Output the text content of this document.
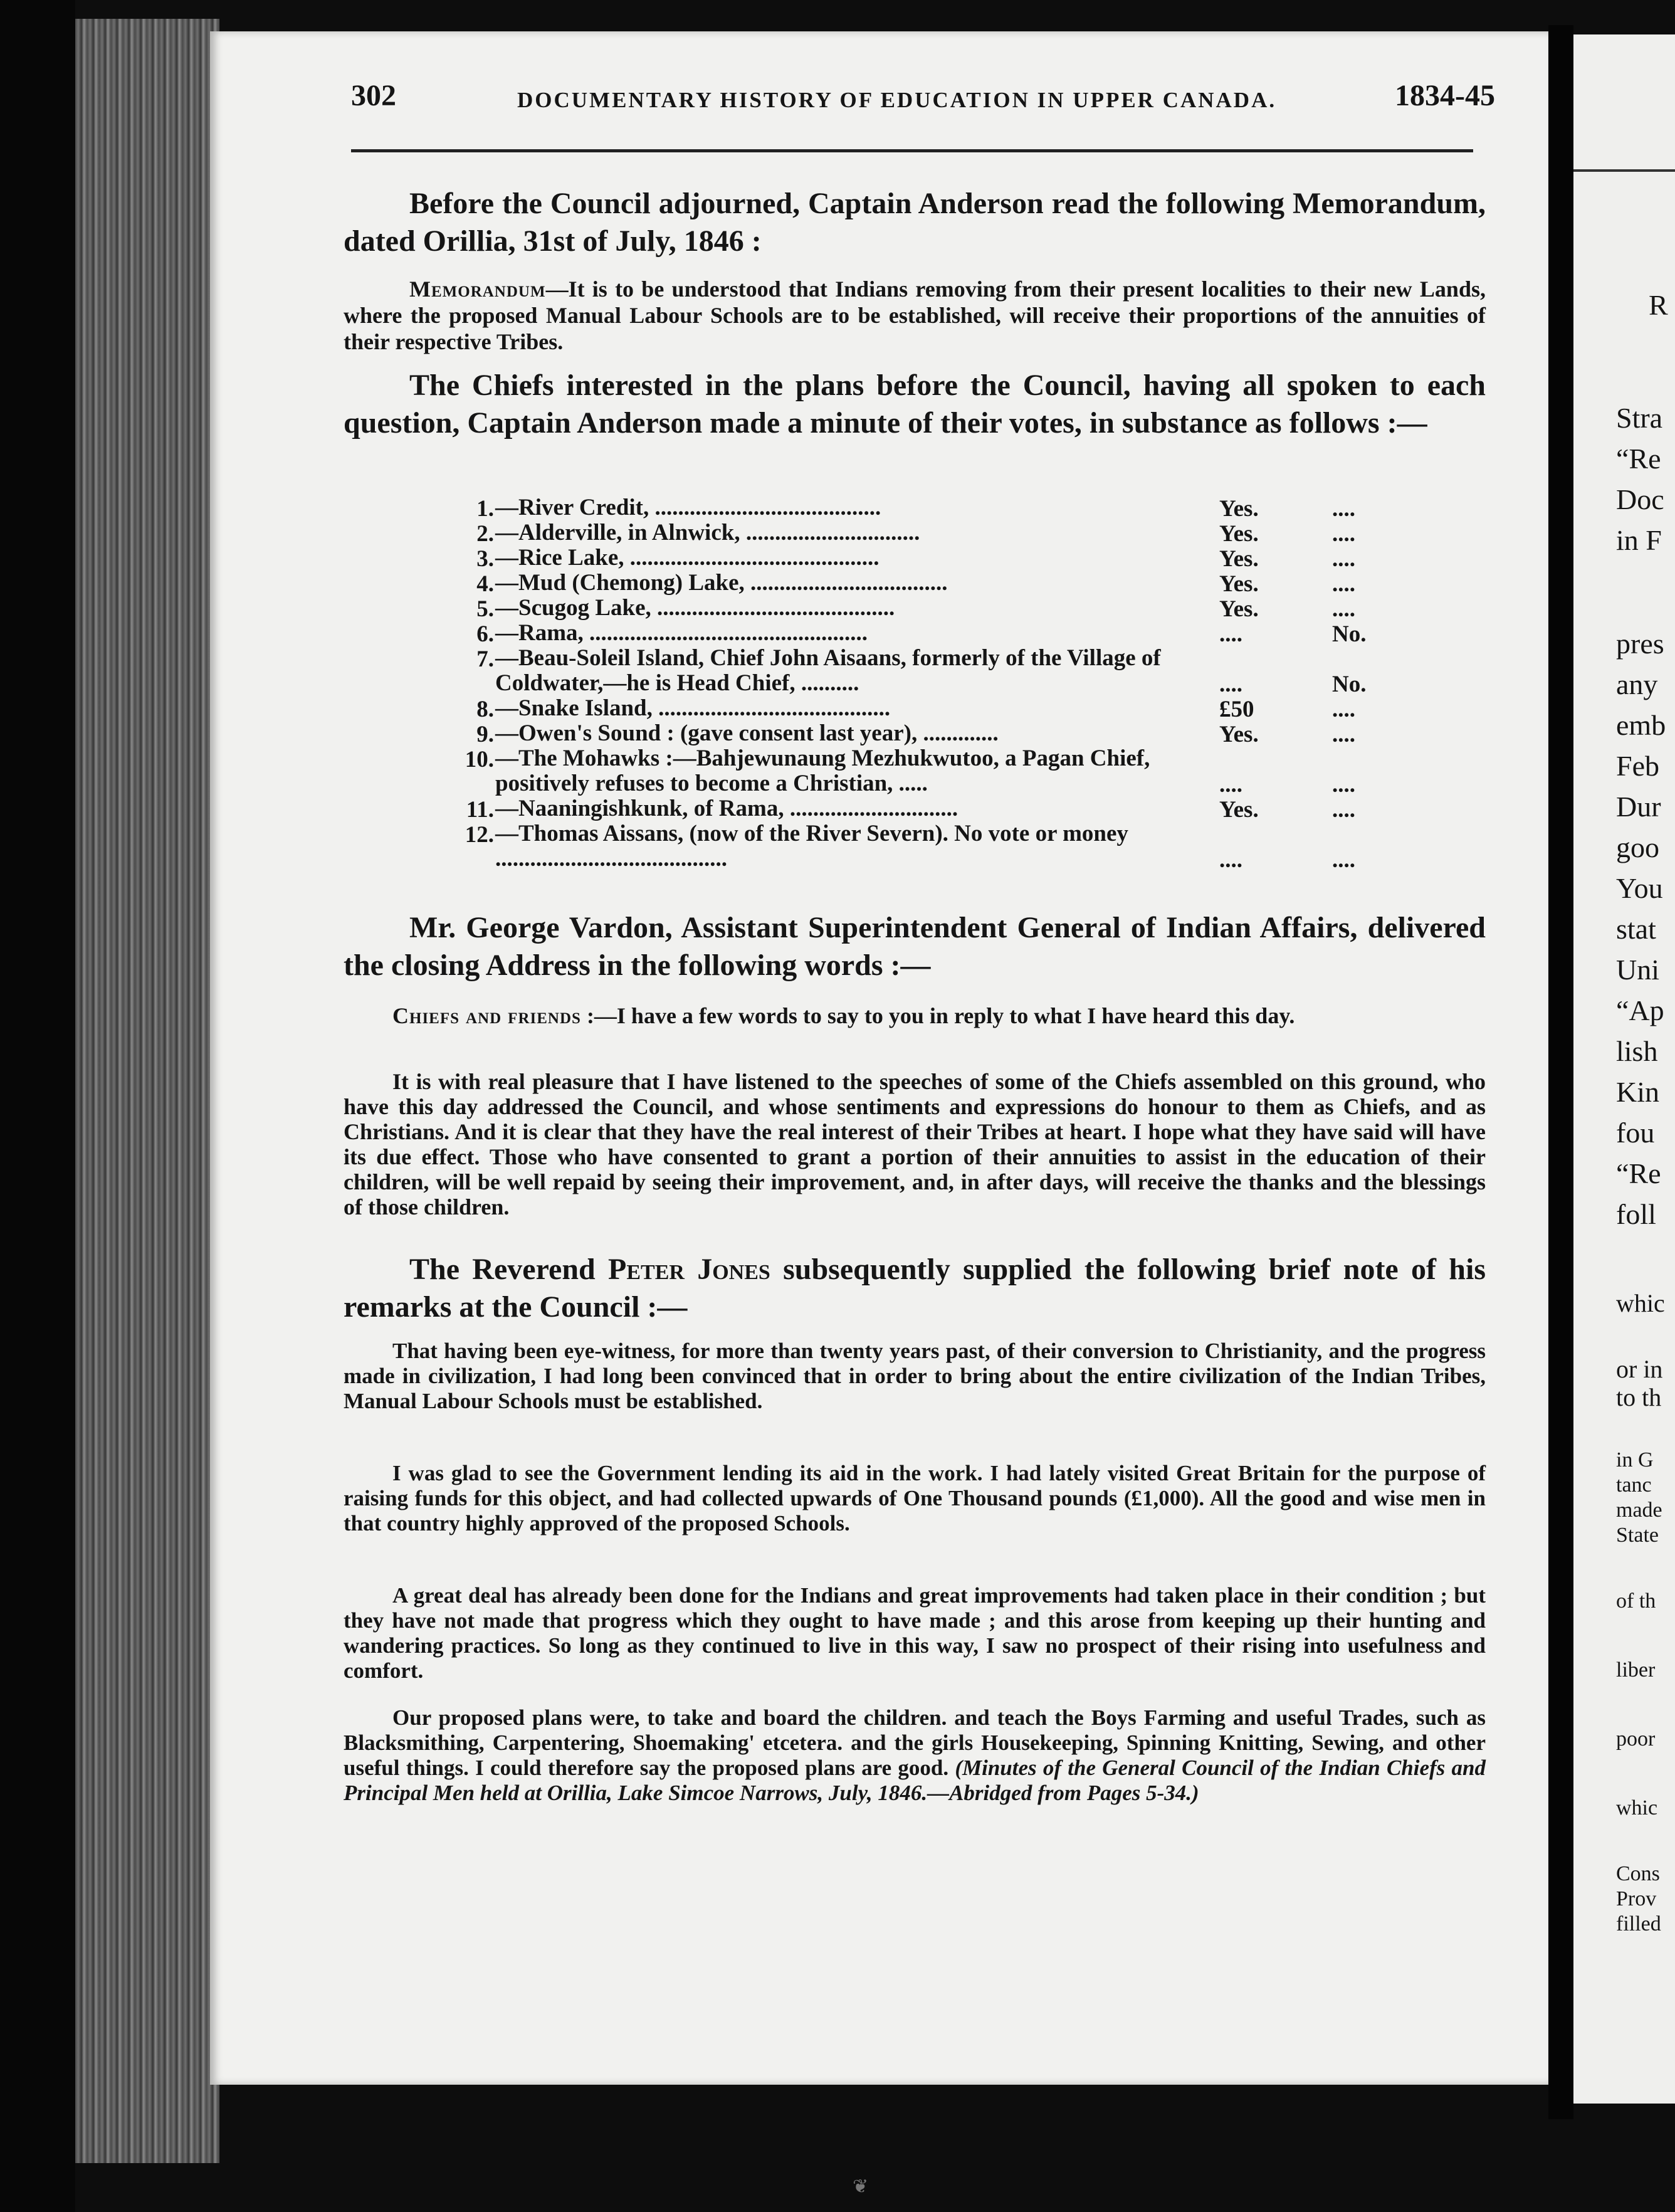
R
Stra
“Re
Doc
in F
pres
any
emb
Feb
Dur
goo
You
stat
Uni
“Ap
lish
Kin
fou
“Re
foll
whic
or in
to th
in G
tanc
made
State
of th
liber
poor
whic
Cons
Prov
filled
302	DOCUMENTARY HISTORY OF EDUCATION IN UPPER CANADA.	1834-45

Before the Council adjourned, Captain Anderson read the following Memorandum, dated Orillia, 31st of July, 1846 :

Memorandum—It is to be understood that Indians removing from their present localities to their new Lands, where the proposed Manual Labour Schools are to be established, will receive their proportions of the annuities of their respective Tribes.

The Chiefs interested in the plans before the Council, having all spoken to each question, Captain Anderson made a minute of their votes, in substance as follows :—

1. —River Credit, .......................................	Yes.	....
2. —Alderville, in Alnwick, ..............................	Yes.	....
3. —Rice Lake, ...........................................	Yes.	....
4. —Mud (Chemong) Lake, ..................................	Yes.	....
5. —Scugog Lake, .........................................	Yes.	....
6. —Rama, ................................................	....	No.
7. —Beau-Soleil Island, Chief John Aisaans, formerly of the Village of Coldwater,—he is Head Chief, ..........	....	No.
8. —Snake Island, ........................................	£50	....
9. —Owen's Sound : (gave consent last year), .............	Yes.	....
10. —The Mohawks :—Bahjewunaung Mezhukwutoo, a Pagan Chief, positively refuses to become a Christian, .....	....	....
11. —Naaningishkunk, of Rama, .............................	Yes.	....
12. —Thomas Aissans, (now of the River Severn). No vote or money ........................................	....	....

Mr. George Vardon, Assistant Superintendent General of Indian Affairs, delivered the closing Address in the following words :—

Chiefs and friends :—I have a few words to say to you in reply to what I have heard this day.

It is with real pleasure that I have listened to the speeches of some of the Chiefs assembled on this ground, who have this day addressed the Council, and whose sentiments and expressions do honour to them as Chiefs, and as Christians. And it is clear that they have the real interest of their Tribes at heart. I hope what they have said will have its due effect. Those who have consented to grant a portion of their annuities to assist in the education of their children, will be well repaid by seeing their improvement, and, in after days, will receive the thanks and the blessings of those children.

The Reverend Peter Jones subsequently supplied the following brief note of his remarks at the Council :—

That having been eye-witness, for more than twenty years past, of their conversion to Christianity, and the progress made in civilization, I had long been convinced that in order to bring about the entire civilization of the Indian Tribes, Manual Labour Schools must be established.

I was glad to see the Government lending its aid in the work. I had lately visited Great Britain for the purpose of raising funds for this object, and had collected upwards of One Thousand pounds (£1,000). All the good and wise men in that country highly approved of the proposed Schools.

A great deal has already been done for the Indians and great improvements had taken place in their condition ; but they have not made that progress which they ought to have made ; and this arose from keeping up their hunting and wandering practices. So long as they continued to live in this way, I saw no prospect of their rising into usefulness and comfort.

Our proposed plans were, to take and board the children. and teach the Boys Farming and useful Trades, such as Blacksmithing, Carpentering, Shoemaking' etcetera. and the girls Housekeeping, Spinning Knitting, Sewing, and other useful things. I could therefore say the proposed plans are good. (Minutes of the General Council of the Indian Chiefs and Principal Men held at Orillia, Lake Simcoe Narrows, July, 1846.—Abridged from Pages 5-34.)

❦
